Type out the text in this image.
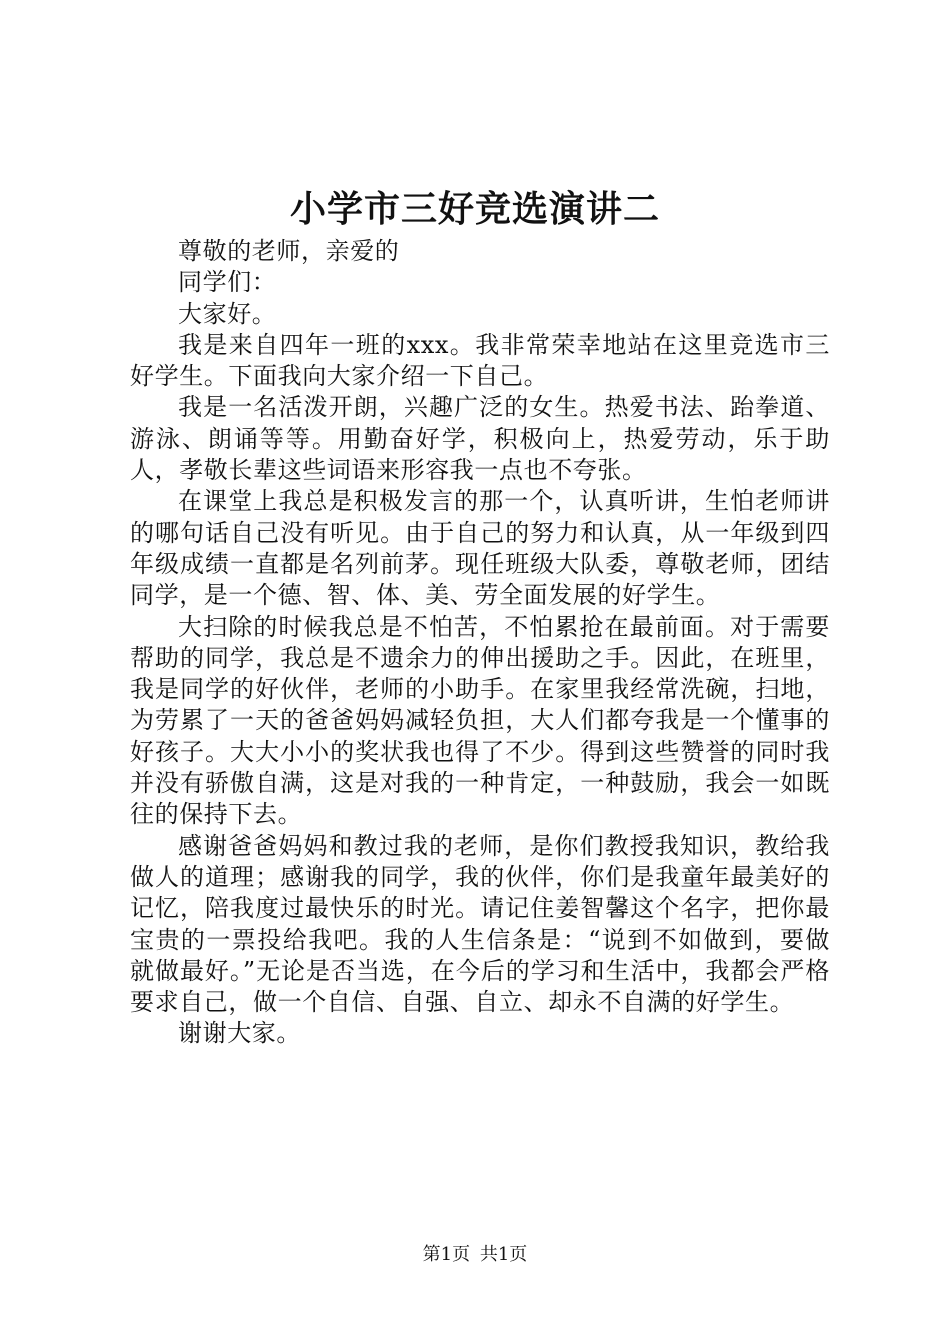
小学市三好竞选演讲二

尊敬的老师，亲爱的

同学们：

大家好。

我是来自四年一班的xxx。我非常荣幸地站在这里竞选市三好学生。下面我向大家介绍一下自己。

我是一名活泼开朗，兴趣广泛的女生。热爱书法、跆拳道、游泳、朗诵等等。用勤奋好学，积极向上，热爱劳动，乐于助人，孝敬长辈这些词语来形容我一点也不夸张。

在课堂上我总是积极发言的那一个，认真听讲，生怕老师讲的哪句话自己没有听见。由于自己的努力和认真，从一年级到四年级成绩一直都是名列前茅。现任班级大队委，尊敬老师，团结同学，是一个德、智、体、美、劳全面发展的好学生。

大扫除的时候我总是不怕苦，不怕累抢在最前面。对于需要帮助的同学，我总是不遗余力的伸出援助之手。因此，在班里，我是同学的好伙伴，老师的小助手。在家里我经常洗碗，扫地，为劳累了一天的爸爸妈妈减轻负担，大人们都夸我是一个懂事的好孩子。大大小小的奖状我也得了不少。得到这些赞誉的同时我并没有骄傲自满，这是对我的一种肯定，一种鼓励，我会一如既往的保持下去。

感谢爸爸妈妈和教过我的老师，是你们教授我知识，教给我做人的道理；感谢我的同学，我的伙伴，你们是我童年最美好的记忆，陪我度过最快乐的时光。请记住姜智馨这个名字，把你最宝贵的一票投给我吧。我的人生信条是：“说到不如做到，要做就做最好。”无论是否当选，在今后的学习和生活中，我都会严格要求自己，做一个自信、自强、自立、却永不自满的好学生。

谢谢大家。

第1页 共1页
